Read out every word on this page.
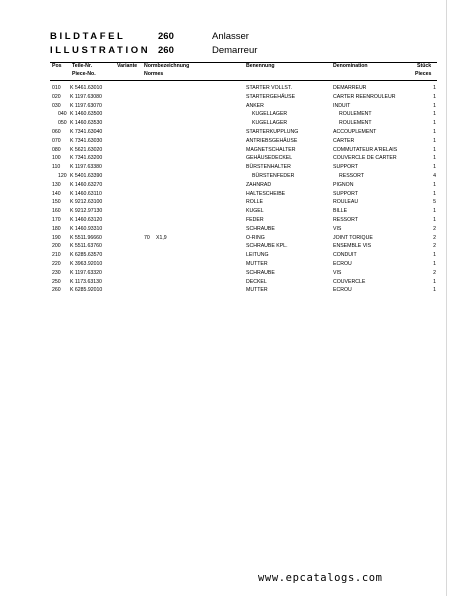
BILDTAFEL	260	Anlasser
ILLUSTRATION 260	Demarreur
Pos Teile-Nr.
Piece-No.
Variante Normbezeichnung
Normes
Benennung	Denomination	Stück
Pieces
010 K 5461.63010	STARTER VOLLST.	DEMARREUR	1
020 K 1197.63080	STARTERGEHÄUSE	CARTER REENROULEUR	1
030 K 1197.63070	ANKER	INDUIT	1
040 K 1460.63500	KUGELLAGER	ROULEMENT	1
050 K 1460.63530	KUGELLAGER	ROULEMENT	1
060 K 7341.63040	STARTERKUPPLUNG	ACCOUPLEMENT	1
070 K 7341.63030	ANTRIEBSGEHÄUSE	CARTER	1
080 K 5621.63020	MAGNETSCHALTER	COMMUTATEUR A'RELAIS	1
100 K 7341.63200	GEHÄUSEDECKEL	COUVERCLE DE CARTER	1
110 K 1197.63380	BÜRSTENHALTER	SUPPORT	1
120 K 5401.63390	BÜRSTENFEDER	RESSORT	4
130 K 1460.63270	ZAHNRAD	PIGNON	1
140 K 1460.63110	HALTESCHEIBE	SUPPORT	1
150 K 9212.63100	ROLLE	ROULEAU	5
160 K 9212.97130	KUGEL	BILLE	1
170 K 1460.63120	FEDER	RESSORT	1
180 K 1460.93310	SCHRAUBE	VIS	2
190 K 5511.96660	70 X1,9	O-RING	JOINT TORIQUE	2
200 K 5511.63760	SCHRAUBE KPL.	ENSEMBLE VIS	2
210 K 6285.63570	LEITUNG	CONDUIT	1
220 K 3963.92010	MUTTER	ECROU	1
230 K 1197.63320	SCHRAUBE	VIS	2
250 K 1173.63130	DECKEL	COUVERCLE	1
260 K 6285.92010	MUTTER	ECROU	1
www.epcatalogs.com
